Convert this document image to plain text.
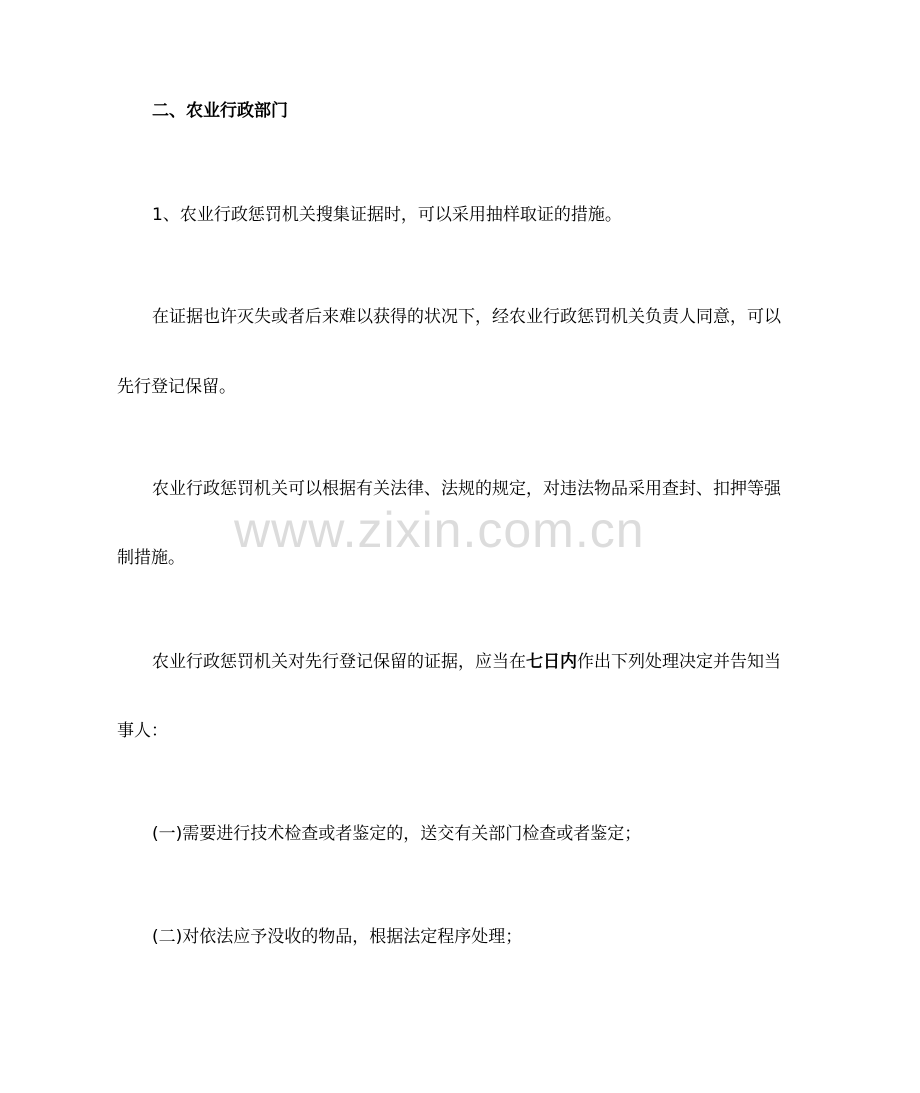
二、农业行政部门
1、农业行政惩罚机关搜集证据时，可以采用抽样取证的措施。
在证据也许灭失或者后来难以获得的状况下，经农业行政惩罚机关负责人同意，可以
先行登记保留。
农业行政惩罚机关可以根据有关法律、法规的规定，对违法物品采用查封、扣押等强
制措施。
农业行政惩罚机关对先行登记保留的证据，应当在七日内作出下列处理决定并告知当
事人：
(一)需要进行技术检查或者鉴定的，送交有关部门检查或者鉴定；
(二)对依法应予没收的物品，根据法定程序处理；
www.zixin.com.cn
